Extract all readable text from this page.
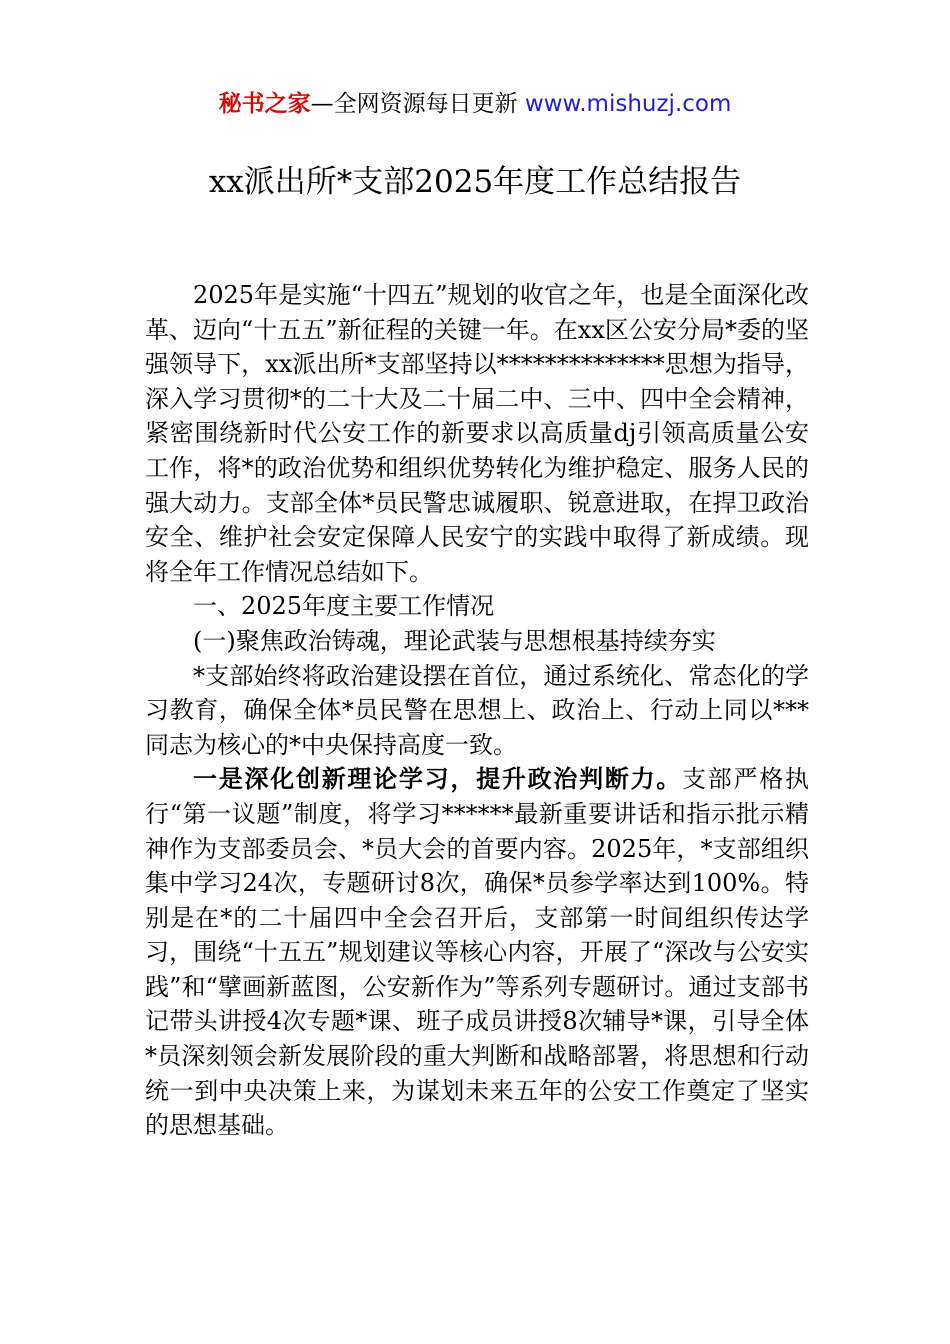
秘书之家—全网资源每日更新 www.mishuzj.com
xx派出所*支部2025年度工作总结报告

2025年是实施“十四五”规划的收官之年，也是全面深化改革、迈向“十五五”新征程的关键一年。在xx区公安分局*委的坚强领导下，xx派出所*支部坚持以**************思想为指导，深入学习贯彻*的二十大及二十届二中、三中、四中全会精神，紧密围绕新时代公安工作的新要求以高质量dj引领高质量公安工作，将*的政治优势和组织优势转化为维护稳定、服务人民的强大动力。支部全体*员民警忠诚履职、锐意进取，在捍卫政治安全、维护社会安定保障人民安宁的实践中取得了新成绩。现将全年工作情况总结如下。

一、2025年度主要工作情况

(一)聚焦政治铸魂，理论武装与思想根基持续夯实

*支部始终将政治建设摆在首位，通过系统化、常态化的学习教育，确保全体*员民警在思想上、政治上、行动上同以***同志为核心的*中央保持高度一致。

一是深化创新理论学习，提升政治判断力。支部严格执行“第一议题”制度，将学习******最新重要讲话和指示批示精神作为支部委员会、*员大会的首要内容。2025年，*支部组织集中学习24次，专题研讨8次，确保*员参学率达到100%。特别是在*的二十届四中全会召开后，支部第一时间组织传达学习，围绕“十五五”规划建议等核心内容，开展了“深改与公安实践”和“擘画新蓝图，公安新作为”等系列专题研讨。通过支部书记带头讲授4次专题*课、班子成员讲授8次辅导*课，引导全体*员深刻领会新发展阶段的重大判断和战略部署，将思想和行动统一到中央决策上来，为谋划未来五年的公安工作奠定了坚实的思想基础。
